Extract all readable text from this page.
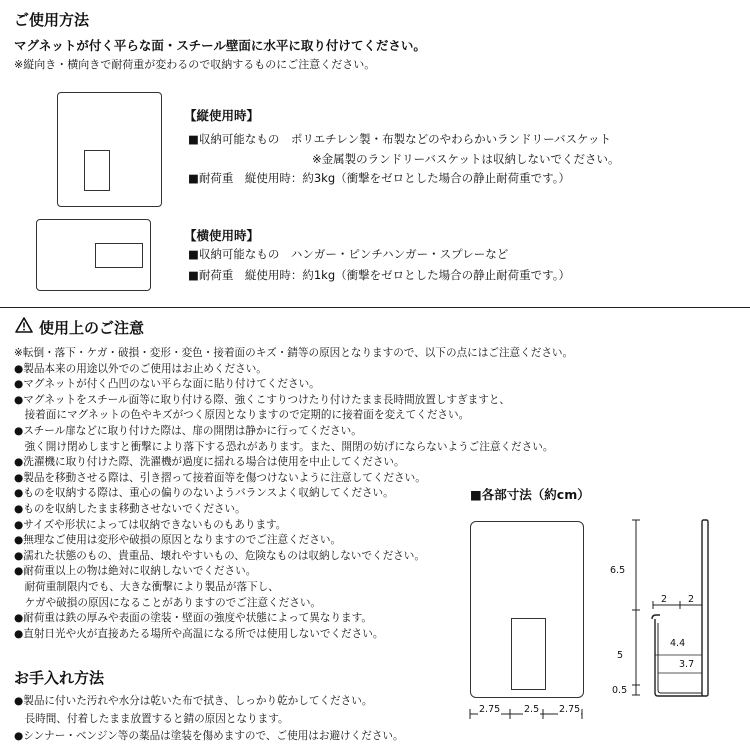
ご使用方法
マグネットが付く平らな面・スチール壁面に水平に取り付けてください。
※縦向き・横向きで耐荷重が変わるので収納するものにご注意ください。
【縦使用時】
■収納可能なもの　ポリエチレン製・布製などのやわらかいランドリーバスケット
※金属製のランドリーバスケットは収納しないでください。
■耐荷重　縦使用時：約3kg（衝撃をゼロとした場合の静止耐荷重です。）
【横使用時】
■収納可能なもの　ハンガー・ピンチハンガー・スプレーなど
■耐荷重　縦使用時：約1kg（衝撃をゼロとした場合の静止耐荷重です。）
使用上のご注意
※転倒・落下・ケガ・破損・変形・変色・接着面のキズ・錆等の原因となりますので、以下の点にはご注意ください。
●製品本来の用途以外でのご使用はお止めください。
●マグネットが付く凸凹のない平らな面に貼り付けてください。
●マグネットをスチール面等に取り付ける際、強くこすりつけたり付けたまま長時間放置しすぎますと、
　接着面にマグネットの色やキズがつく原因となりますので定期的に接着面を変えてください。
●スチール扉などに取り付けた際は、扉の開閉は静かに行ってください。
　強く開け閉めしますと衝撃により落下する恐れがあります。また、開閉の妨げにならないようご注意ください。
●洗濯機に取り付けた際、洗濯機が過度に揺れる場合は使用を中止してください。
●製品を移動させる際は、引き摺って接着面等を傷つけないように注意してください。
●ものを収納する際は、重心の偏りのないようバランスよく収納してください。
●ものを収納したまま移動させないでください。
●サイズや形状によっては収納できないものもあります。
●無理なご使用は変形や破損の原因となりますのでご注意ください。
●濡れた状態のもの、貴重品、壊れやすいもの、危険なものは収納しないでください。
●耐荷重以上の物は絶対に収納しないでください。
　耐荷重制限内でも、大きな衝撃により製品が落下し、
　ケガや破損の原因になることがありますのでご注意ください。
●耐荷重は鉄の厚みや表面の塗装・壁面の強度や状態によって異なります。
●直射日光や火が直接あたる場所や高温になる所では使用しないでください。
■各部寸法（約cm）
2.75	2.5 2.75
6.5
5
0.5
2 2
4.4
3.7
お手入れ方法
●製品に付いた汚れや水分は乾いた布で拭き、しっかり乾かしてください。
　長時間、付着したまま放置すると錆の原因となります。
●シンナー・ベンジン等の薬品は塗装を傷めますので、ご使用はお避けください。
